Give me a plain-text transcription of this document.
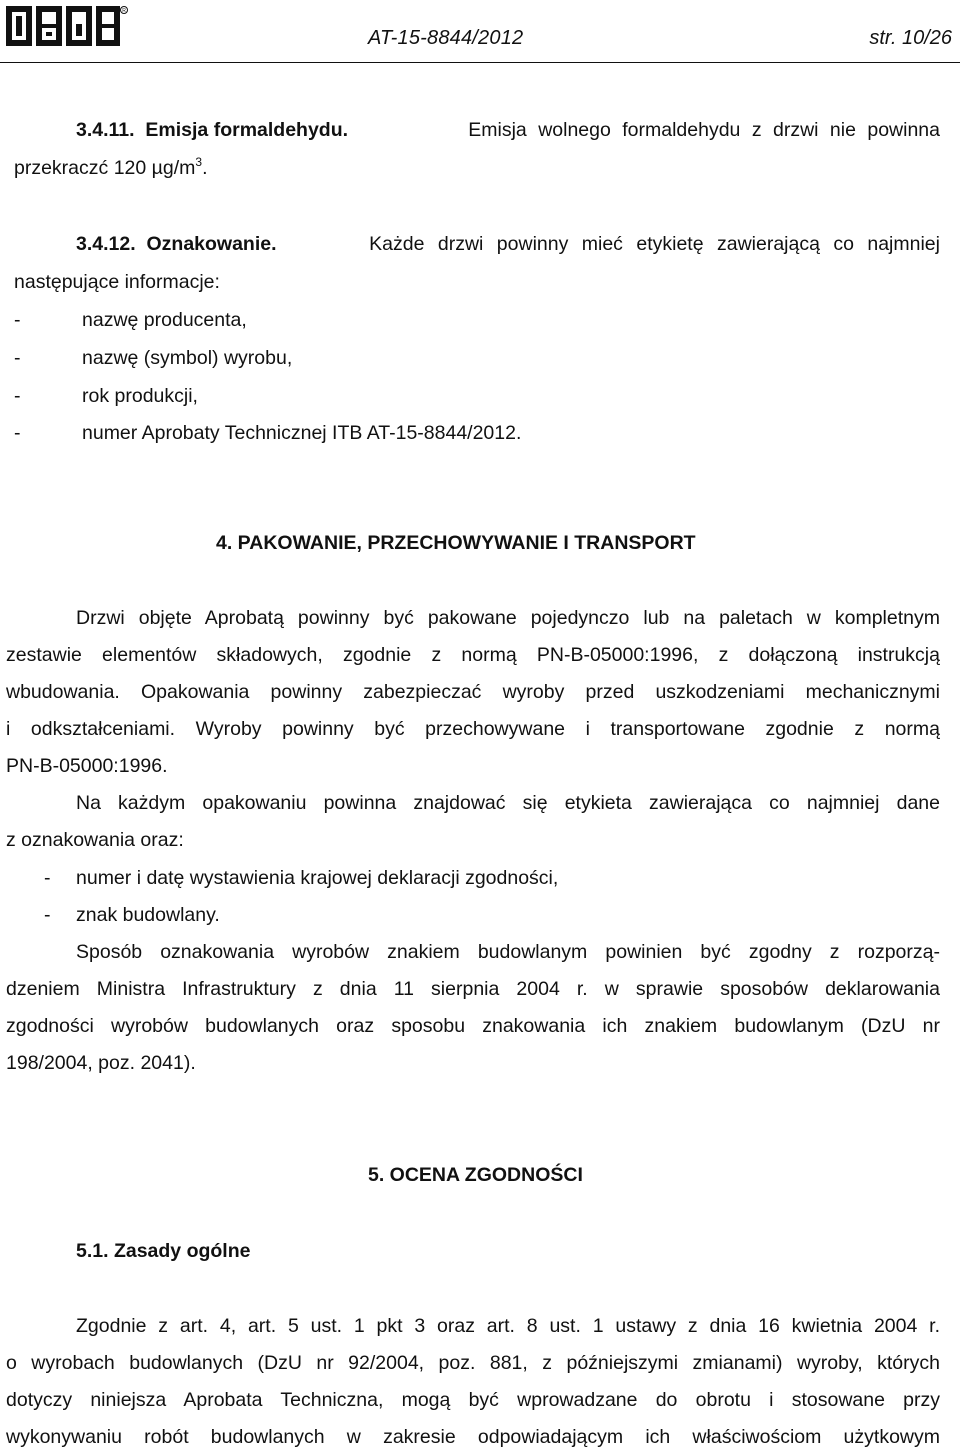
R
AT-15-8844/2012	str. 10/26
3.4.11. Emisja formaldehydu.	Emisja wolnego formaldehydu z drzwi nie powinna
przekraczć 120 $\mu g/m^3$.
3.4.12. Oznakowanie.	Każde drzwi powinny mieć etykietę zawierającą co najmniej
następujące informacje:
-	nazwę producenta,
-	nazwę (symbol) wyrobu,
-	rok produkcji,
-	numer Aprobaty Technicznej ITB AT-15-8844/2012.
4. PAKOWANIE, PRZECHOWYWANIE I TRANSPORT
Drzwi objęte Aprobatą powinny być pakowane pojedynczo lub na paletach w kompletnym
zestawie elementów składowych, zgodnie z normą PN-B-05000:1996, z dołączoną instrukcją
wbudowania. Opakowania powinny zabezpieczać wyroby przed uszkodzeniami mechanicznymi
i odkształceniami. Wyroby powinny być przechowywane i transportowane zgodnie z normą
PN-B-05000:1996.
Na każdym opakowaniu powinna znajdować się etykieta zawierająca co najmniej dane
z oznakowania oraz:
- numer i datę wystawienia krajowej deklaracji zgodności,
- znak budowlany.
Sposób oznakowania wyrobów znakiem budowlanym powinien być zgodny z rozporzą-
dzeniem Ministra Infrastruktury z dnia 11 sierpnia 2004 r. w sprawie sposobów deklarowania
zgodności wyrobów budowlanych oraz sposobu znakowania ich znakiem budowlanym (DzU nr
198/2004, poz. 2041).
5. OCENA ZGODNOŚCI
5.1. Zasady ogólne
Zgodnie z art. 4, art. 5 ust. 1 pkt 3 oraz art. 8 ust. 1 ustawy z dnia 16 kwietnia 2004 r.
o wyrobach budowlanych (DzU nr 92/2004, poz. 881, z późniejszymi zmianami) wyroby, których
dotyczy niniejsza Aprobata Techniczna, mogą być wprowadzane do obrotu i stosowane przy
wykonywaniu robót budowlanych w zakresie odpowiadającym ich właściwościom użytkowym
